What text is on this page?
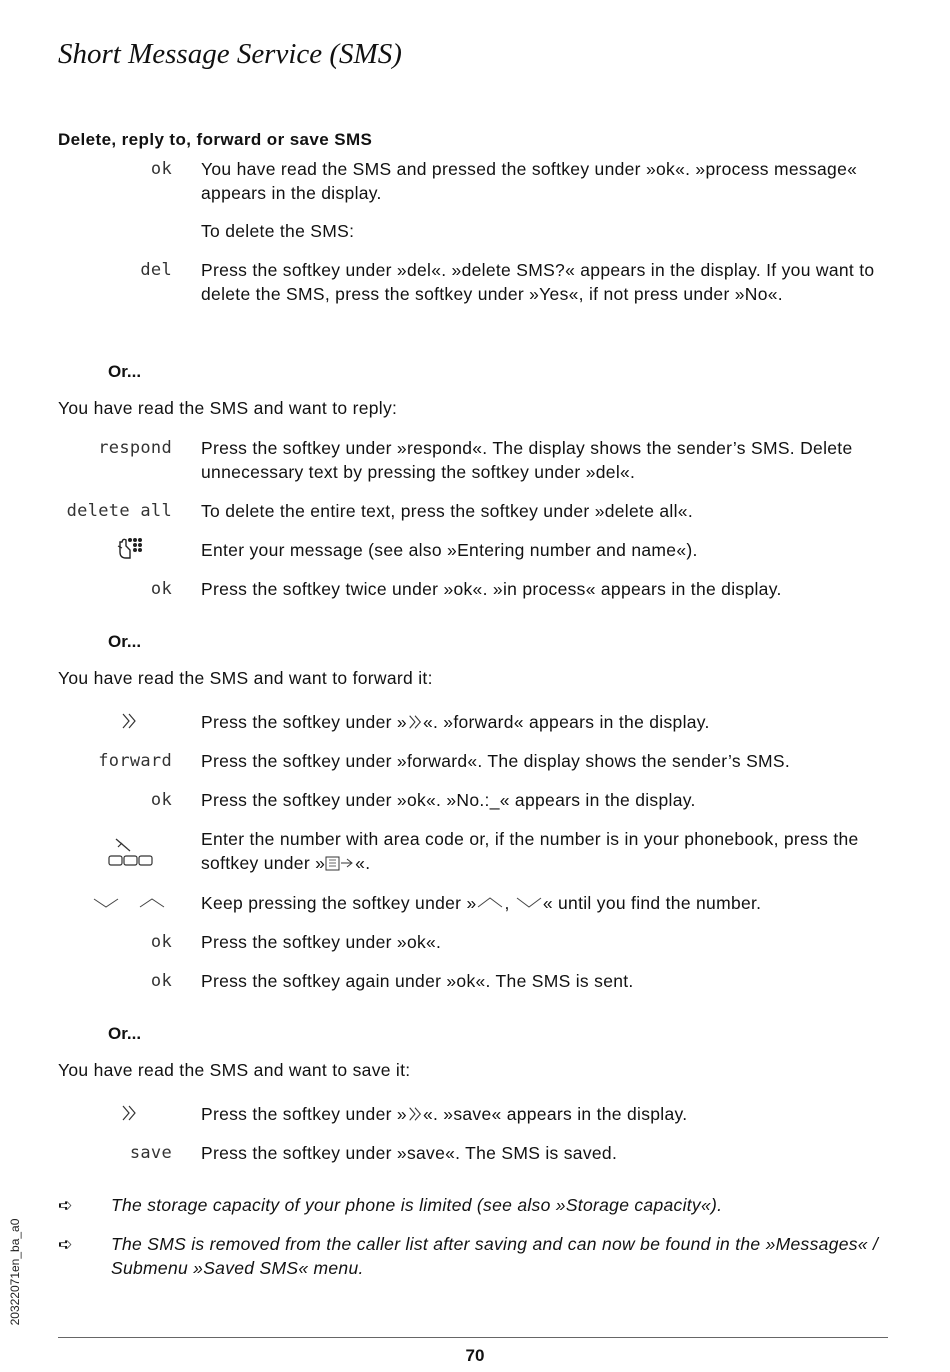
Short Message Service (SMS)
Delete, reply to, forward or save SMS
ok You have read the SMS and pressed the softkey under »ok«. »process message« appears in the display.
To delete the SMS:
del Press the softkey under »del«. »delete SMS?« appears in the display. If you want to delete the SMS, press the softkey under »Yes«, if not press under »No«.
Or...
You have read the SMS and want to reply:
respond Press the softkey under »respond«. The display shows the sender’s SMS. Delete unnecessary text by pressing the softkey under »del«.
delete all To delete the entire text, press the softkey under »delete all«.
Enter your message (see also »Entering number and name«).
ok Press the softkey twice under »ok«. »in process« appears in the display.
Or...
You have read the SMS and want to forward it:
Press the softkey under » «. »forward« appears in the display.
forward Press the softkey under »forward«. The display shows the sender’s SMS.
ok Press the softkey under »ok«. »No.:_« appears in the display.
Enter the number with area code or, if the number is in your phonebook, press the softkey under » «.
Keep pressing the softkey under » , « until you find the number.
ok Press the softkey under »ok«.
ok Press the softkey again under »ok«. The SMS is sent.
Or...
You have read the SMS and want to save it:
Press the softkey under » «. »save« appears in the display.
save Press the softkey under »save«. The SMS is saved.
➪ The storage capacity of your phone is limited (see also »Storage capacity«).
➪ The SMS is removed from the caller list after saving and can now be found in the »Messages« / Submenu »Saved SMS« menu.
20322071en_ba_a0
70
